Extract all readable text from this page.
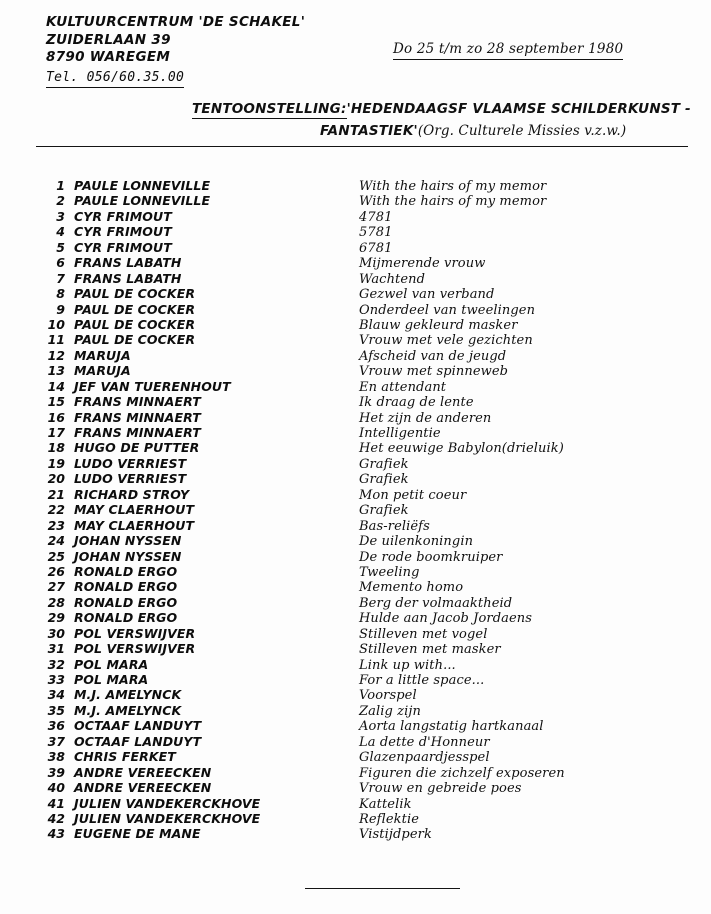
KULTUURCENTRUM 'DE SCHAKEL'
ZUIDERLAAN 39
8790 WAREGEM
Tel. 056/60.35.00
Do 25 t/m zo 28 september 1980
TENTOONSTELLING:'HEDENDAAGSF VLAAMSE SCHILDERKUNST -
FANTASTIEK'(Org. Culturele Missies v.z.w.)
1 PAULE LONNEVILLE	With the hairs of my memor
2 PAULE LONNEVILLE	With the hairs of my memor
3 CYR FRIMOUT	4781
4 CYR FRIMOUT	5781
5 CYR FRIMOUT	6781
6 FRANS LABATH	Mijmerende vrouw
7 FRANS LABATH	Wachtend
8 PAUL DE COCKER	Gezwel van verband
9 PAUL DE COCKER	Onderdeel van tweelingen
10 PAUL DE COCKER	Blauw gekleurd masker
11 PAUL DE COCKER	Vrouw met vele gezichten
12 MARUJA	Afscheid van de jeugd
13 MARUJA	Vrouw met spinneweb
14 JEF VAN TUERENHOUT	En attendant
15 FRANS MINNAERT	Ik draag de lente
16 FRANS MINNAERT	Het zijn de anderen
17 FRANS MINNAERT	Intelligentie
18 HUGO DE PUTTER	Het eeuwige Babylon(drieluik)
19 LUDO VERRIEST	Grafiek
20 LUDO VERRIEST	Grafiek
21 RICHARD STROY	Mon petit coeur
22 MAY CLAERHOUT	Grafiek
23 MAY CLAERHOUT	Bas-reliëfs
24 JOHAN NYSSEN	De uilenkoningin
25 JOHAN NYSSEN	De rode boomkruiper
26 RONALD ERGO	Tweeling
27 RONALD ERGO	Memento homo
28 RONALD ERGO	Berg der volmaaktheid
29 RONALD ERGO	Hulde aan Jacob Jordaens
30 POL VERSWIJVER	Stilleven met vogel
31 POL VERSWIJVER	Stilleven met masker
32 POL MARA	Link up with...
33 POL MARA	For a little space...
34 M.J. AMELYNCK	Voorspel
35 M.J. AMELYNCK	Zalig zijn
36 OCTAAF LANDUYT	Aorta langstatig hartkanaal
37 OCTAAF LANDUYT	La dette d'Honneur
38 CHRIS FERKET	Glazenpaardjesspel
39 ANDRE VEREECKEN	Figuren die zichzelf exposeren
40 ANDRE VEREECKEN	Vrouw en gebreide poes
41 JULIEN VANDEKERCKHOVE	Kattelik
42 JULIEN VANDEKERCKHOVE	Reflektie
43 EUGENE DE MANE	Vistijdperk
